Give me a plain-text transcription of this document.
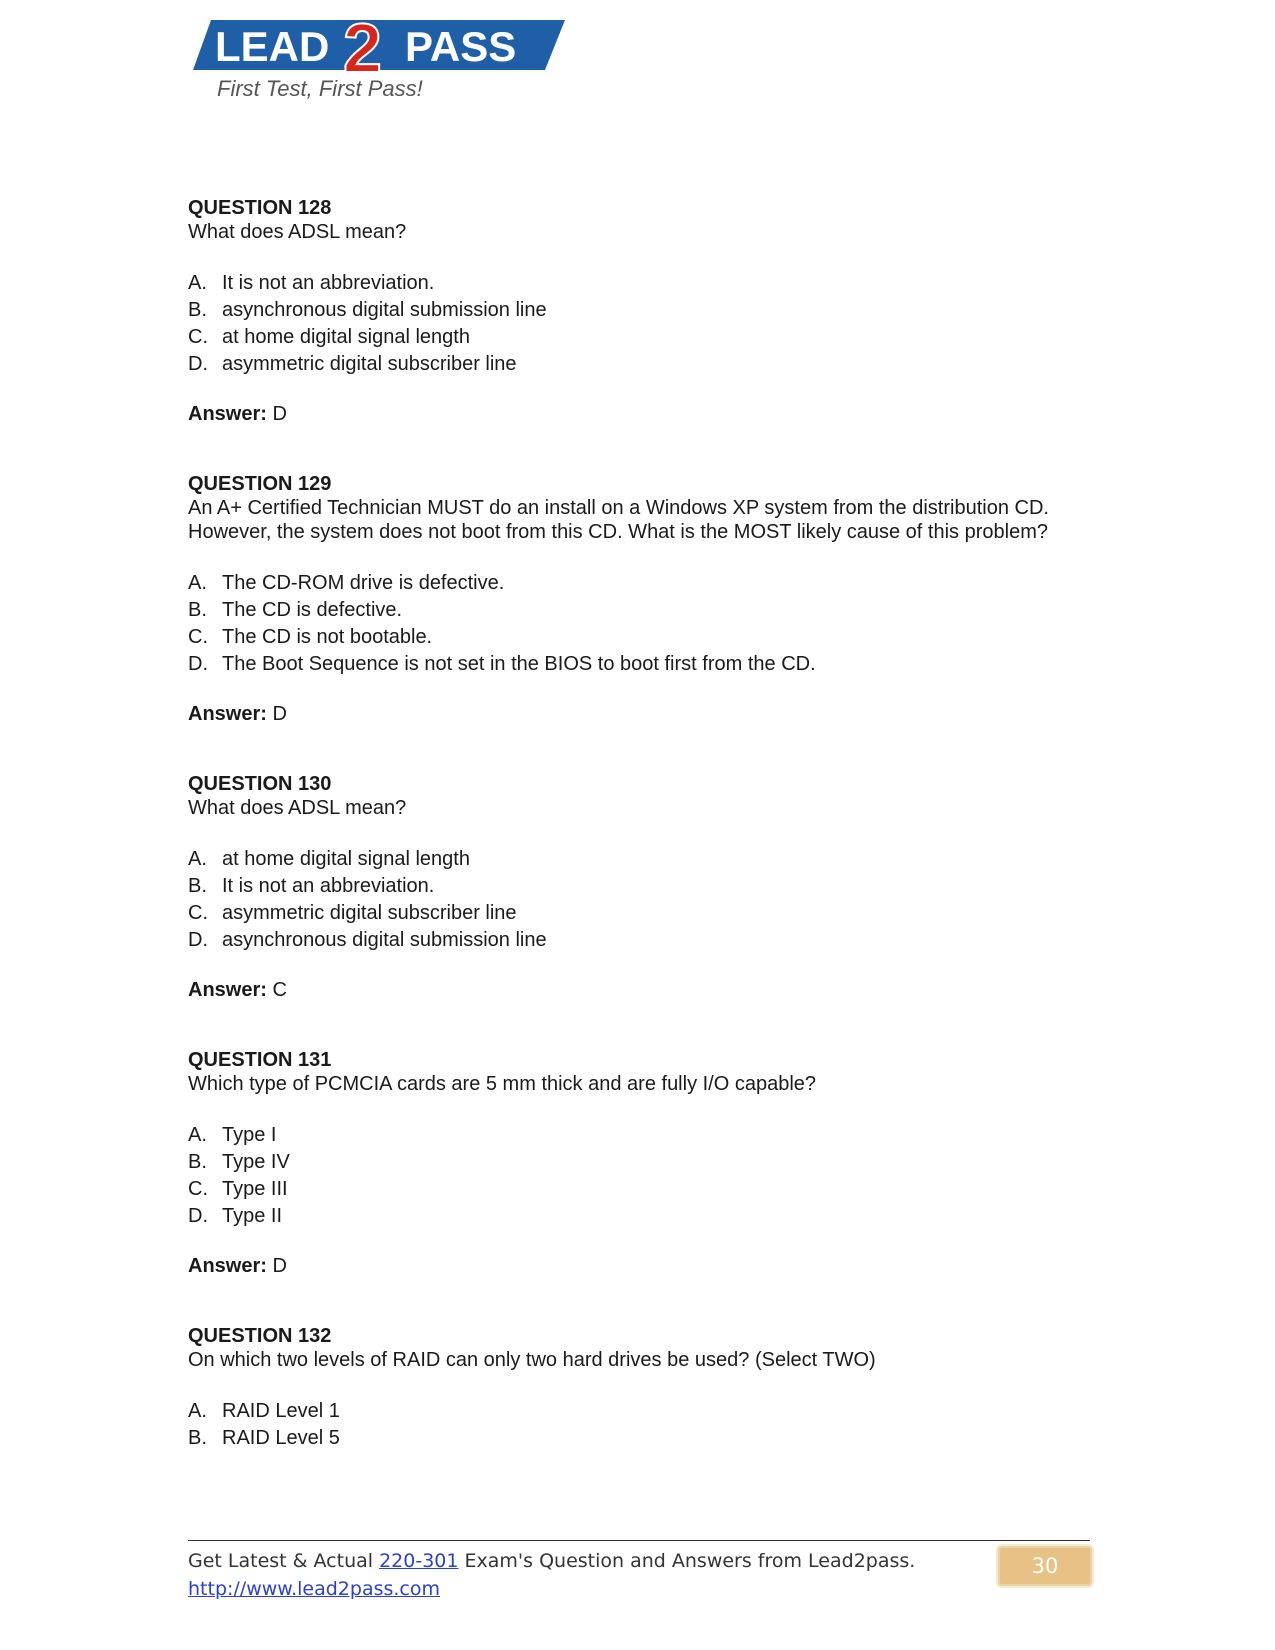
LEAD 2 PASS
First Test, First Pass!
QUESTION 128
What does ADSL mean?
A. It is not an abbreviation.
B. asynchronous digital submission line
C. at home digital signal length
D. asymmetric digital subscriber line
Answer: D
QUESTION 129
An A+ Certified Technician MUST do an install on a Windows XP system from the distribution CD. However, the system does not boot from this CD. What is the MOST likely cause of this problem?
A. The CD-ROM drive is defective.
B. The CD is defective.
C. The CD is not bootable.
D. The Boot Sequence is not set in the BIOS to boot first from the CD.
Answer: D
QUESTION 130
What does ADSL mean?
A. at home digital signal length
B. It is not an abbreviation.
C. asymmetric digital subscriber line
D. asynchronous digital submission line
Answer: C
QUESTION 131
Which type of PCMCIA cards are 5 mm thick and are fully I/O capable?
A. Type I
B. Type IV
C. Type III
D. Type II
Answer: D
QUESTION 132
On which two levels of RAID can only two hard drives be used? (Select TWO)
A. RAID Level 1
B. RAID Level 5
Get Latest & Actual 220-301 Exam's Question and Answers from Lead2pass.
http://www.lead2pass.com
30
